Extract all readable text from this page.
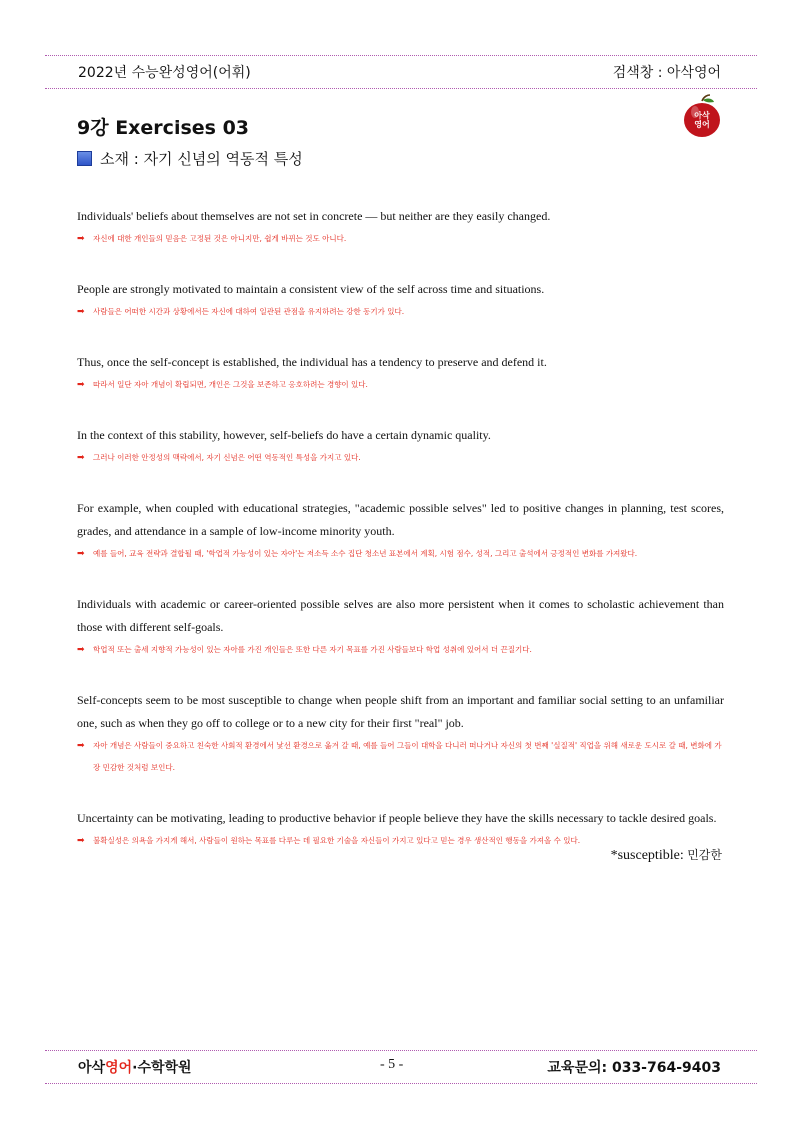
2022년 수능완성영어(어휘)	검색창 : 아삭영어
9강 Exercises 03
아삭
영어
소재 : 자기 신념의 역동적 특성

Individuals' beliefs about themselves are not set in concrete — but neither are they easily changed.

➡ 자신에 대한 개인들의 믿음은 고정된 것은 아니지만, 쉽게 바뀌는 것도 아니다.

People are strongly motivated to maintain a consistent view of the self across time and situations.

➡ 사람들은 어떠한 시간과 상황에서든 자신에 대하여 일관된 관점을 유지하려는 강한 동기가 있다.

Thus, once the self-concept is established, the individual has a tendency to preserve and defend it.

➡ 따라서 일단 자아 개념이 확립되면, 개인은 그것을 보존하고 옹호하려는 경향이 있다.

In the context of this stability, however, self-beliefs do have a certain dynamic quality.

➡ 그러나 이러한 안정성의 맥락에서, 자기 신념은 어떤 역동적인 특성을 가지고 있다.

For example, when coupled with educational strategies, "academic possible selves" led to positive changes in planning, test scores, grades, and attendance in a sample of low-income minority youth.

➡ 예를 들어, 교육 전략과 결합될 때, '학업적 가능성이 있는 자아'는 저소득 소수 집단 청소년 표본에서 계획, 시험 점수, 성적, 그리고 출석에서 긍정적인 변화를 가져왔다.

Individuals with academic or career-oriented possible selves are also more persistent when it comes to scholastic achievement than those with different self-goals.

➡ 학업적 또는 출세 지향적 가능성이 있는 자아를 가진 개인들은 또한 다른 자기 목표를 가진 사람들보다 학업 성취에 있어서 더 끈질기다.

Self-concepts seem to be most susceptible to change when people shift from an important and familiar social setting to an unfamiliar one, such as when they go off to college or to a new city for their first "real" job.

➡ 자아 개념은 사람들이 중요하고 친숙한 사회적 환경에서 낯선 환경으로 옮겨 갈 때, 예를 들어 그들이 대학을 다니러 떠나거나 자신의 첫 번째 '실질적' 직업을 위해 새로운 도시로 갈 때, 변화에 가장 민감한 것처럼 보인다.

Uncertainty can be motivating, leading to productive behavior if people believe they have the skills necessary to tackle desired goals.

➡ 불확실성은 의욕을 가지게 해서, 사람들이 원하는 목표를 다루는 데 필요한 기술을 자신들이 가지고 있다고 믿는 경우 생산적인 행동을 가져올 수 있다.

*susceptible: 민감한
아삭영어·수학학원	- 5 -	교육문의: 033-764-9403
